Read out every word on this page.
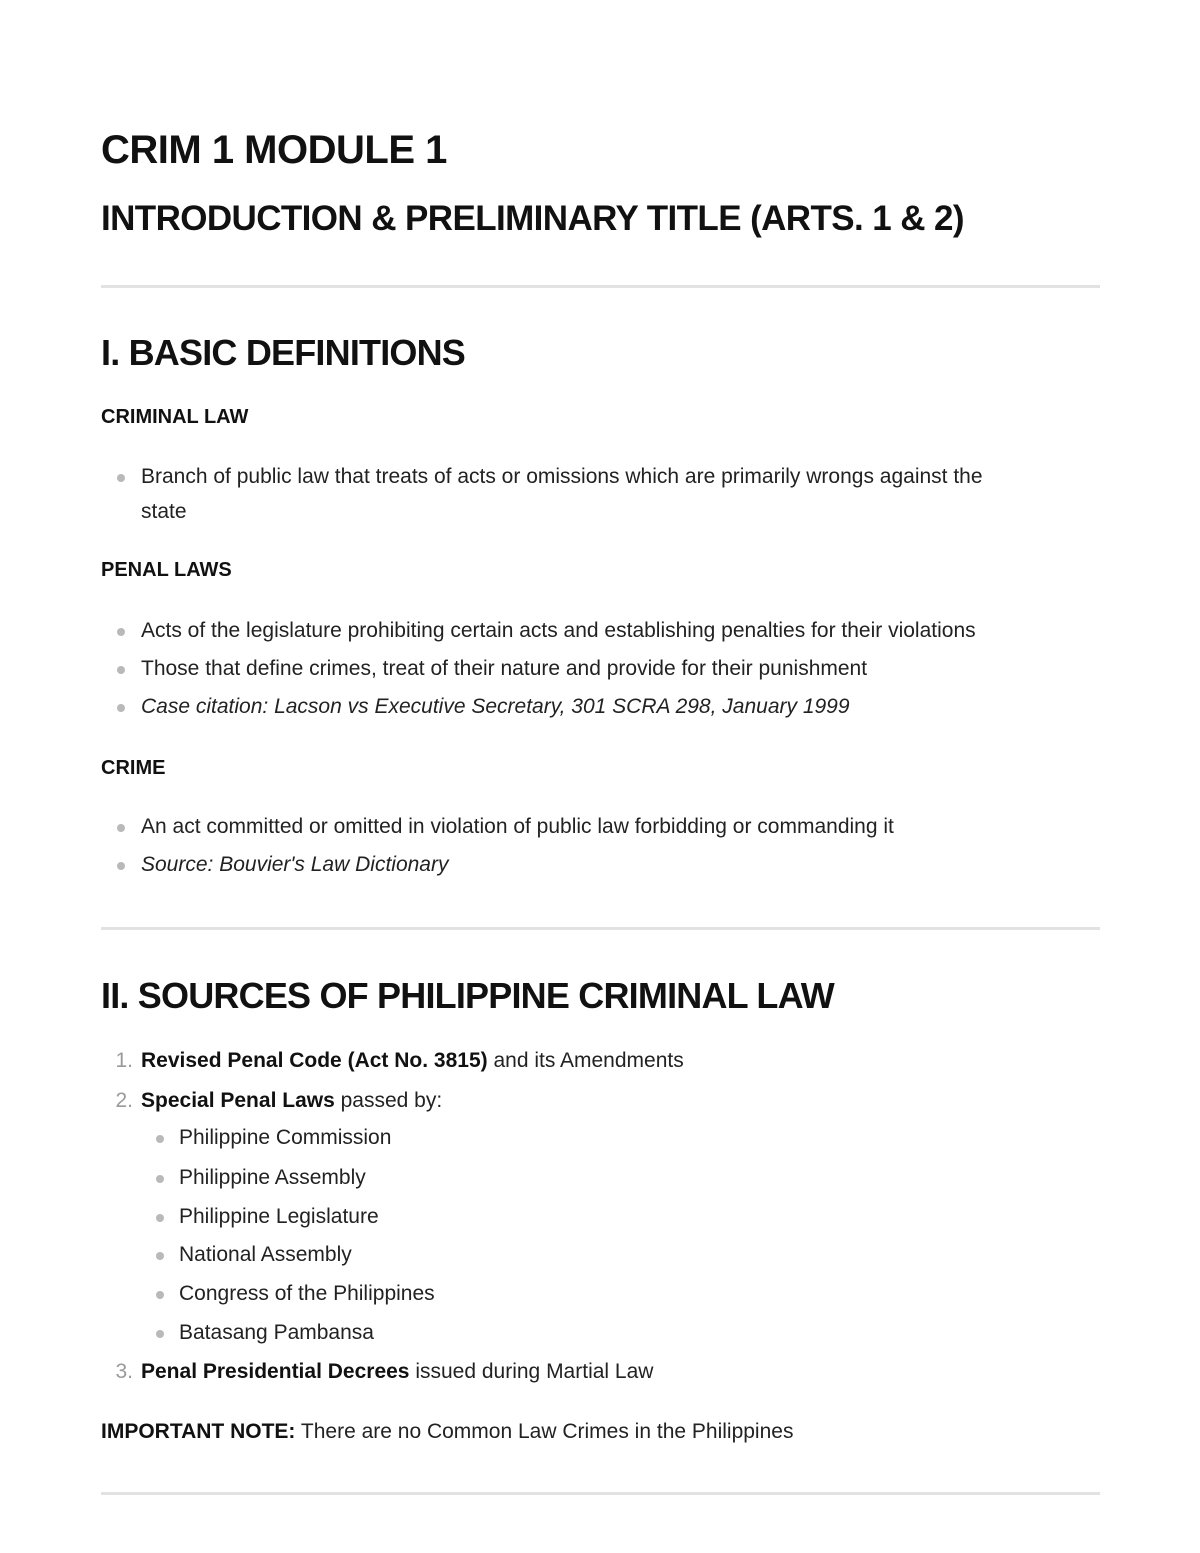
CRIM 1 MODULE 1
INTRODUCTION & PRELIMINARY TITLE (ARTS. 1 & 2)
I. BASIC DEFINITIONS
CRIMINAL LAW
Branch of public law that treats of acts or omissions which are primarily wrongs against the
state
PENAL LAWS
Acts of the legislature prohibiting certain acts and establishing penalties for their violations
Those that define crimes, treat of their nature and provide for their punishment
Case citation: Lacson vs Executive Secretary, 301 SCRA 298, January 1999
CRIME
An act committed or omitted in violation of public law forbidding or commanding it
Source: Bouvier's Law Dictionary
II. SOURCES OF PHILIPPINE CRIMINAL LAW
1. Revised Penal Code (Act No. 3815) and its Amendments
2. Special Penal Laws passed by:
Philippine Commission
Philippine Assembly
Philippine Legislature
National Assembly
Congress of the Philippines
Batasang Pambansa
3. Penal Presidential Decrees issued during Martial Law
IMPORTANT NOTE: There are no Common Law Crimes in the Philippines
